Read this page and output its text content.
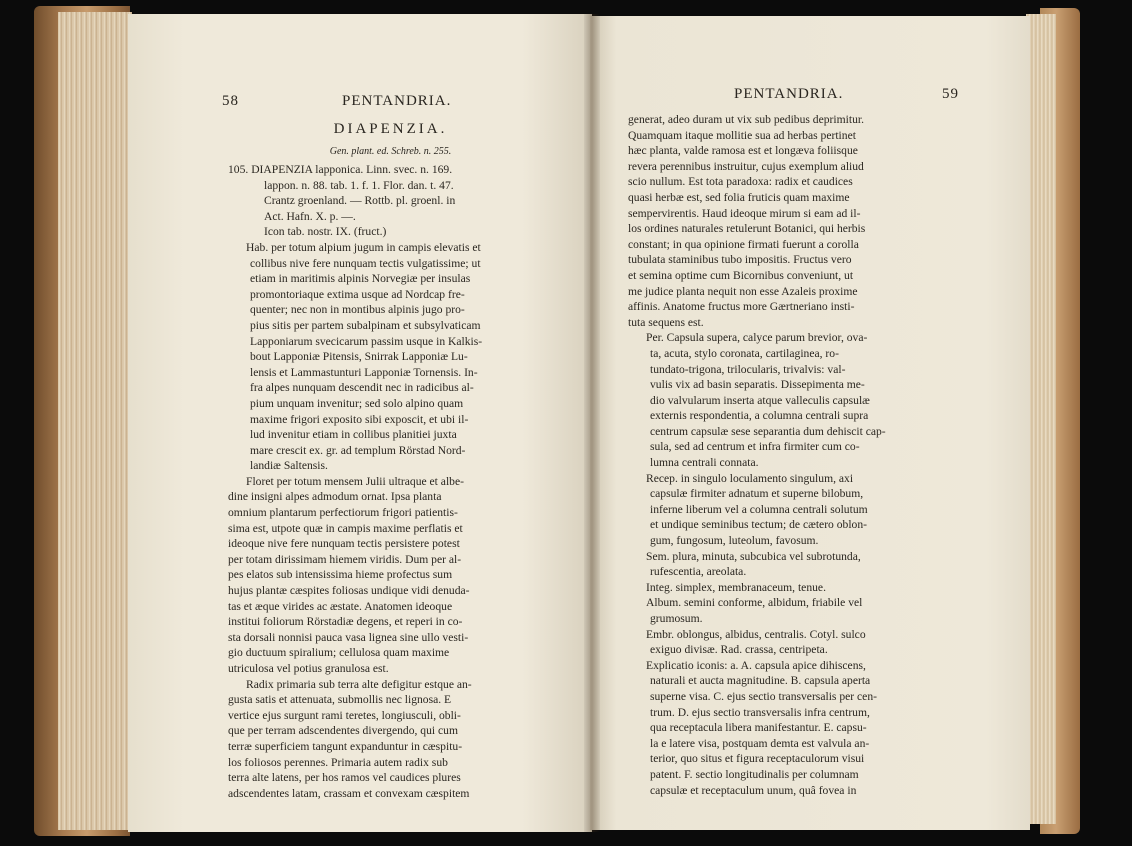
58	PENTANDRIA.
DIAPENZIA.
Gen. plant. ed. Schreb. n. 255.
105. DIAPENZIA lapponica. Linn. svec. n. 169.
lappon. n. 88. tab. 1. f. 1. Flor. dan. t. 47.
Crantz groenland. — Rottb. pl. groenl. in
Act. Hafn. X. p. —.
Icon tab. nostr. IX. (fruct.)
Hab. per totum alpium jugum in campis elevatis et
collibus nive fere nunquam tectis vulgatissime; ut
etiam in maritimis alpinis Norvegiæ per insulas
promontoriaque extima usque ad Nordcap fre-
quenter; nec non in montibus alpinis jugo pro-
pius sitis per partem subalpinam et subsylvaticam
Lapponiarum svecicarum passim usque in Kalkis-
bout Lapponiæ Pitensis, Snirrak Lapponiæ Lu-
lensis et Lammastunturi Lapponiæ Tornensis. In-
fra alpes nunquam descendit nec in radicibus al-
pium unquam invenitur; sed solo alpino quam
maxime frigori exposito sibi exposcit, et ubi il-
lud invenitur etiam in collibus planitiei juxta
mare crescit ex. gr. ad templum Rörstad Nord-
landiæ Saltensis.
Floret per totum mensem Julii ultraque et albe-
dine insigni alpes admodum ornat. Ipsa planta
omnium plantarum perfectiorum frigori patientis-
sima est, utpote quæ in campis maxime perflatis et
ideoque nive fere nunquam tectis persistere potest
per totam dirissimam hiemem viridis. Dum per al-
pes elatos sub intensissima hieme profectus sum
hujus plantæ cæspites foliosas undique vidi denuda-
tas et æque virides ac æstate. Anatomen ideoque
institui foliorum Rörstadiæ degens, et reperi in co-
sta dorsali nonnisi pauca vasa lignea sine ullo vesti-
gio ductuum spiralium; cellulosa quam maxime
utriculosa vel potius granulosa est.
Radix primaria sub terra alte defigitur estque an-
gusta satis et attenuata, submollis nec lignosa. E
vertice ejus surgunt rami teretes, longiusculi, obli-
que per terram adscendentes divergendo, qui cum
terræ superficiem tangunt expanduntur in cæspitu-
los foliosos perennes. Primaria autem radix sub
terra alte latens, per hos ramos vel caudices plures
adscendentes latam, crassam et convexam cæspitem
PENTANDRIA.	59
generat, adeo duram ut vix sub pedibus deprimitur.
Quamquam itaque mollitie sua ad herbas pertinet
hæc planta, valde ramosa est et longæva foliisque
revera perennibus instruitur, cujus exemplum aliud
scio nullum. Est tota paradoxa: radix et caudices
quasi herbæ est, sed folia fruticis quam maxime
sempervirentis. Haud ideoque mirum si eam ad il-
los ordines naturales retulerunt Botanici, qui herbis
constant; in qua opinione firmati fuerunt a corolla
tubulata staminibus tubo impositis. Fructus vero
et semina optime cum Bicornibus conveniunt, ut
me judice planta nequit non esse Azaleis proxime
affinis. Anatome fructus more Gærtneriano insti-
tuta sequens est.
Per. Capsula supera, calyce parum brevior, ova-
ta, acuta, stylo coronata, cartilaginea, ro-
tundato-trigona, trilocularis, trivalvis: val-
vulis vix ad basin separatis. Dissepimenta me-
dio valvularum inserta atque valleculis capsulæ
externis respondentia, a columna centrali supra
centrum capsulæ sese separantia dum dehiscit cap-
sula, sed ad centrum et infra firmiter cum co-
lumna centrali connata.
Recep. in singulo loculamento singulum, axi
capsulæ firmiter adnatum et superne bilobum,
inferne liberum vel a columna centrali solutum
et undique seminibus tectum; de cætero oblon-
gum, fungosum, luteolum, favosum.
Sem. plura, minuta, subcubica vel subrotunda,
rufescentia, areolata.
Integ. simplex, membranaceum, tenue.
Album. semini conforme, albidum, friabile vel
grumosum.
Embr. oblongus, albidus, centralis. Cotyl. sulco
exiguo divisæ. Rad. crassa, centripeta.
Explicatio iconis: a. A. capsula apice dihiscens,
naturali et aucta magnitudine. B. capsula aperta
superne visa. C. ejus sectio transversalis per cen-
trum. D. ejus sectio transversalis infra centrum,
qua receptacula libera manifestantur. E. capsu-
la e latere visa, postquam demta est valvula an-
terior, quo situs et figura receptaculorum visui
patent. F. sectio longitudinalis per columnam
capsulæ et receptaculum unum, quâ fovea in
